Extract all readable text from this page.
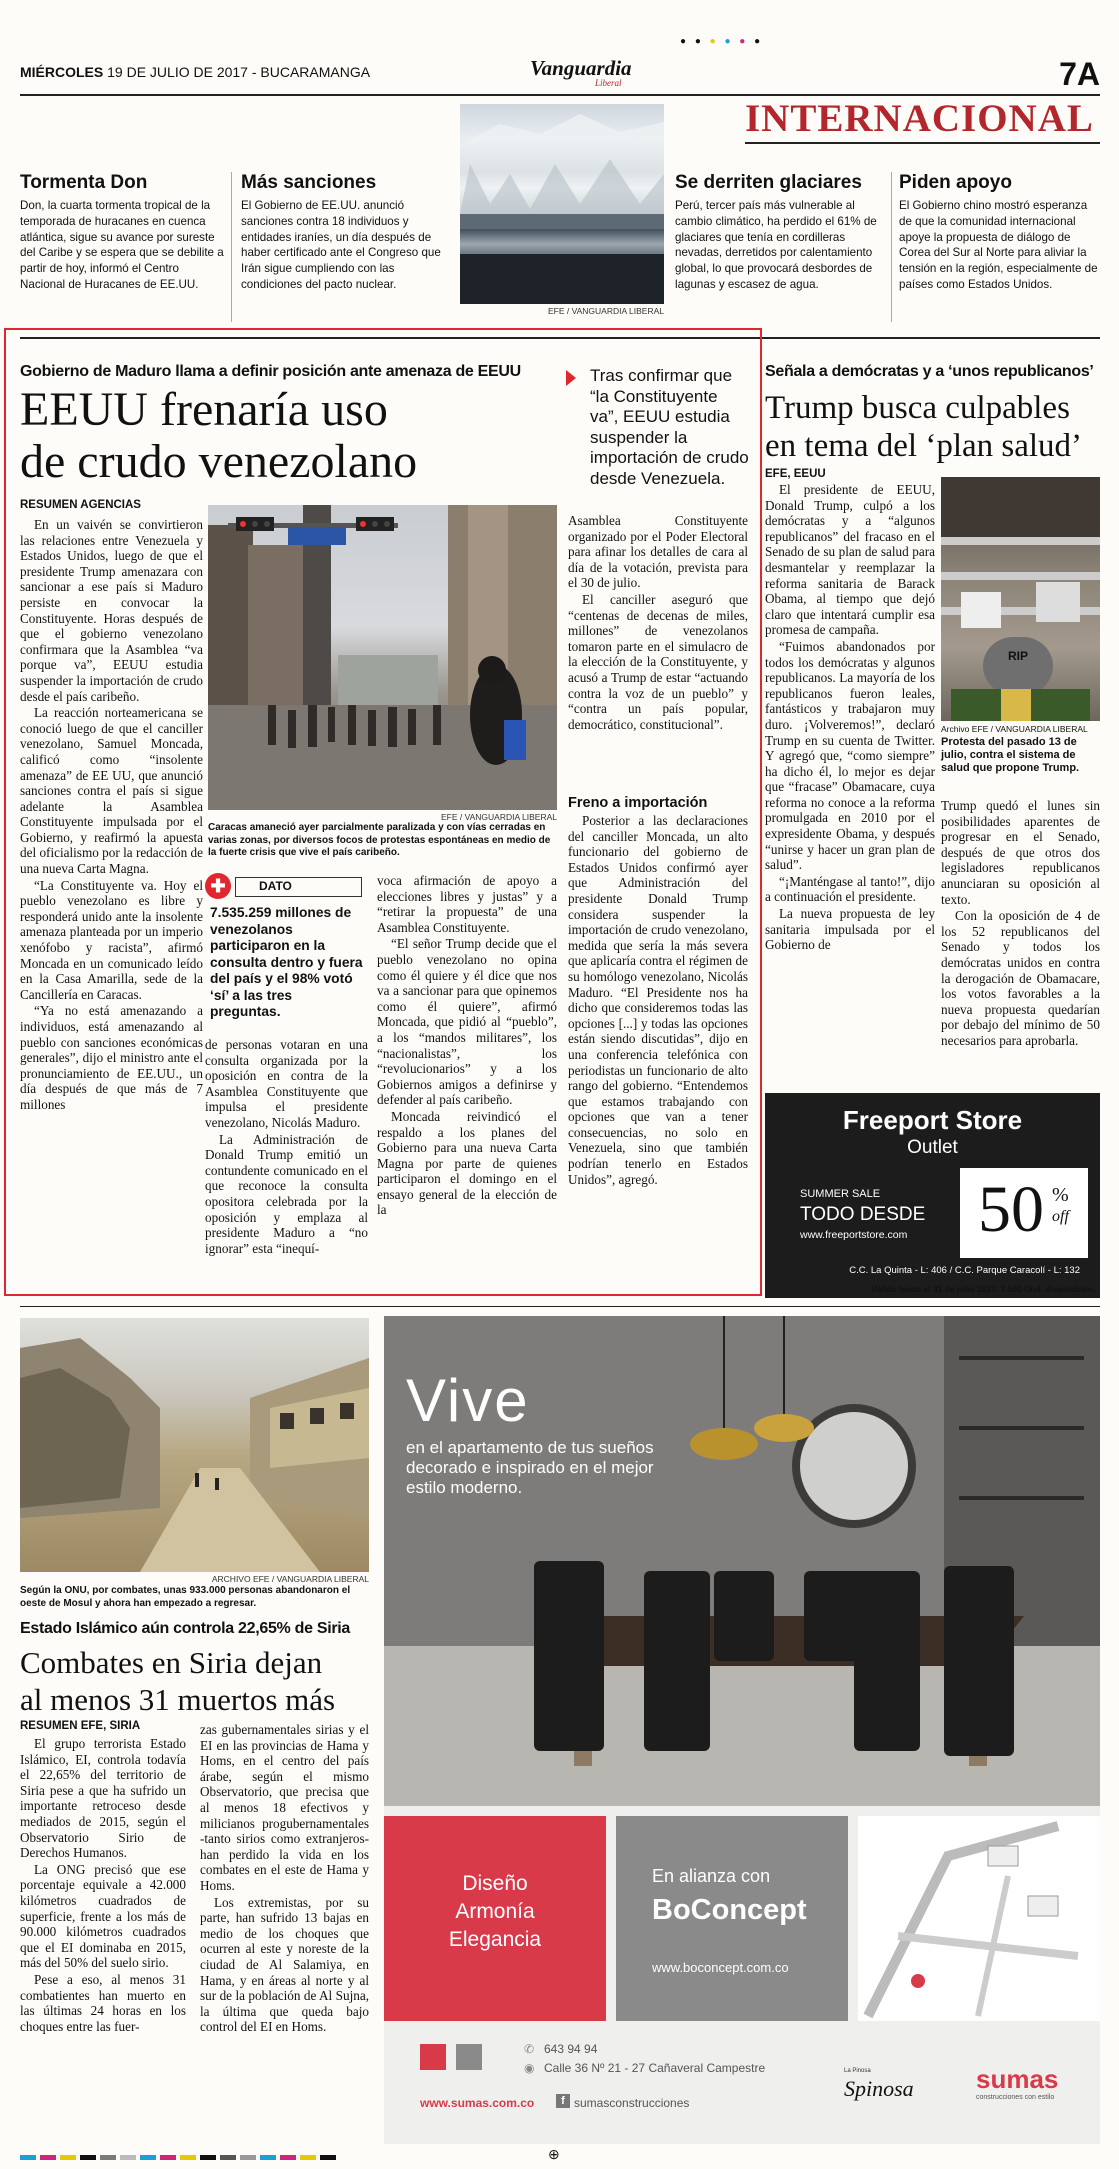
● ● ● ● ● ●
MIÉRCOLES 19 DE JULIO DE 2017 - BUCARAMANGA	Vanguardia
Liberal	7A
INTERNACIONAL
Tormenta Don

Don, la cuarta tormenta tropical de la temporada de huracanes en cuenca atlántica, sigue su avance por sureste del Caribe y se espera que se debilite a partir de hoy, informó el Centro Nacional de Huracanes de EE.UU.

Más sanciones

El Gobierno de EE.UU. anunció sanciones contra 18 individuos y entidades iraníes, un día después de haber certificado ante el Congreso que Irán sigue cumpliendo con las condiciones del pacto nuclear.

EFE / VANGUARDIA LIBERAL
Se derriten glaciares

Perú, tercer país más vulnerable al cambio climático, ha perdido el 61% de glaciares que tenía en cordilleras nevadas, derretidos por calentamiento global, lo que provocará desbordes de lagunas y escasez de agua.

Piden apoyo

El Gobierno chino mostró esperanza de que la comunidad internacional apoye la propuesta de diálogo de Corea del Sur al Norte para aliviar la tensión en la región, especialmente de países como Estados Unidos.

Gobierno de Maduro llama a definir posición ante amenaza de EEUU
EEUU frenaría uso
de crudo venezolano
RESUMEN AGENCIAS
Tras confirmar que “la Constituyente va”, EEUU estudia suspender la importación de crudo desde Venezuela.

En un vaivén se convirtieron las relaciones entre Venezuela y Estados Unidos, luego de que el presidente Trump amenazara con sancionar a ese país si Maduro persiste en convocar la Constituyente. Horas después de que el gobierno venezolano confirmara que la Asamblea “va porque va”, EEUU estudia suspender la importación de crudo desde el país caribeño.

La reacción norteamericana se conoció luego de que el canciller venezolano, Samuel Moncada, calificó como “insolente amenaza” de EE UU, que anunció sanciones contra el país si sigue adelante la Asamblea Constituyente impulsada por el Gobierno, y reafirmó la apuesta del oficialismo por la redacción de una nueva Carta Magna.

“La Constituyente va. Hoy el pueblo venezolano es libre y responderá unido ante la insolente amenaza planteada por un imperio xenófobo y racista”, afirmó Moncada en un comunicado leído en la Casa Amarilla, sede de la Cancillería en Caracas.

“Ya no está amenazando a individuos, está amenazando al pueblo con sanciones económicas generales”, dijo el ministro ante el pronunciamiento de EE.UU., un día después de que más de 7 millones

EFE / VANGUARDIA LIBERAL
Caracas amaneció ayer parcialmente paralizada y con vías cerradas en varias zonas, por diversos focos de protestas espontáneas en medio de la fuerte crisis que vive el país caribeño.
✚	DATO
7.535.259 millones de venezolanos participaron en la consulta dentro y fuera del país y el 98% votó ‘sí’ a las tres preguntas.

de personas votaran en una consulta organizada por la oposición en contra de la Asamblea Constituyente que impulsa el presidente venezolano, Nicolás Maduro.

La Administración de Donald Trump emitió un contundente comunicado en el que reconoce la consulta opositora celebrada por la oposición y emplaza al presidente Maduro a “no ignorar” esta “inequí-

voca afirmación de apoyo a elecciones libres y justas” y a “retirar la propuesta” de una Asamblea Constituyente.

“El señor Trump decide que el pueblo venezolano no opina como él quiere y él dice que nos va a sancionar para que opinemos como él quiere”, afirmó Moncada, que pidió al “pueblo”, a los “mandos militares”, los “nacionalistas”, los “revolucionarios” y a los Gobiernos amigos a definirse y defender al país caribeño.

Moncada reivindicó el respaldo a los planes del Gobierno para una nueva Carta Magna por parte de quienes participaron el domingo en el ensayo general de la elección de la

Asamblea Constituyente organizado por el Poder Electoral para afinar los detalles de cara al día de la votación, prevista para el 30 de julio.

El canciller aseguró que “centenas de decenas de miles, millones” de venezolanos tomaron parte en el simulacro de la elección de la Constituyente, y acusó a Trump de estar “actuando contra la voz de un pueblo” y “contra un país popular, democrático, constitucional”.

Freno a importación

Posterior a las declaraciones del canciller Moncada, un alto funcionario del gobierno de Estados Unidos confirmó ayer que Administración del presidente Donald Trump considera suspender la importación de crudo venezolano, medida que sería la más severa que aplicaría contra el régimen de su homólogo venezolano, Nicolás Maduro. “El Presidente nos ha dicho que consideremos todas las opciones [...] y todas las opciones están siendo discutidas”, dijo en una conferencia telefónica con periodistas un funcionario de alto rango del gobierno. “Entendemos que estamos trabajando con opciones que van a tener consecuencias, no solo en Venezuela, sino que también podrían tenerlo en Estados Unidos”, agregó.

Señala a demócratas y a ‘unos republicanos’
Trump busca culpables
en tema del ‘plan salud’
EFE, EEUU

El presidente de EEUU, Donald Trump, culpó a los demócratas y a “algunos republicanos” del fracaso en el Senado de su plan de salud para desmantelar y reemplazar la reforma sanitaria de Barack Obama, al tiempo que dejó claro que intentará cumplir esa promesa de campaña.

“Fuimos abandonados por todos los demócratas y algunos republicanos. La mayoría de los republicanos fueron leales, fantásticos y trabajaron muy duro. ¡Volveremos!”, declaró Trump en su cuenta de Twitter. Y agregó que, “como siempre” ha dicho él, lo mejor es dejar que “fracase” Obamacare, cuya reforma no conoce a la reforma promulgada en 2010 por el expresidente Obama, y después “unirse y hacer un gran plan de salud”.

“¡Manténgase al tanto!”, dijo a continuación el presidente.

La nueva propuesta de ley sanitaria impulsada por el Gobierno de

RIP
Archivo EFE / VANGUARDIA LIBERAL
Protesta del pasado 13 de julio, contra el sistema de salud que propone Trump.

Trump quedó el lunes sin posibilidades aparentes de progresar en el Senado, después de que otros dos legisladores republicanos anunciaran su oposición al texto.

Con la oposición de 4 de los 52 republicanos del Senado y todos los demócratas unidos en contra la derogación de Obamacare, los votos favorables a la nueva propuesta quedarían por debajo del mínimo de 50 necesarios para aprobarla.

Freeport Store
Outlet
SUMMER SALE
TODO DESDE
www.freeportstore.com 50 %
off
C.C. La Quinta - L: 406 / C.C. Parque Caracolí - L: 132
Válido hasta el 31 de julio 2017. 7.500 Und. disponibles.
ARCHIVO EFE / VANGUARDIA LIBERAL
Según la ONU, por combates, unas 933.000 personas abandonaron el oeste de Mosul y ahora han empezado a regresar.
Estado Islámico aún controla 22,65% de Siria
Combates en Siria dejan
al menos 31 muertos más
RESUMEN EFE, SIRIA

El grupo terrorista Estado Islámico, EI, controla todavía el 22,65% del territorio de Siria pese a que ha sufrido un importante retroceso desde mediados de 2015, según el Observatorio Sirio de Derechos Humanos.

La ONG precisó que ese porcentaje equivale a 42.000 kilómetros cuadrados de superficie, frente a los más de 90.000 kilómetros cuadrados que el EI dominaba en 2015, más del 50% del suelo sirio.

Pese a eso, al menos 31 combatientes han muerto en las últimas 24 horas en los choques entre las fuer-

zas gubernamentales sirias y el EI en las provincias de Hama y Homs, en el centro del país árabe, según el mismo Observatorio, que precisa que al menos 18 efectivos y milicianos progubernamentales -tanto sirios como extranjeros- han perdido la vida en los combates en el este de Hama y Homs.

Los extremistas, por su parte, han sufrido 13 bajas en medio de los choques que ocurren al este y noreste de la ciudad de Al Salamiya, en Hama, y en áreas al norte y al sur de la población de Al Sujna, la última que queda bajo control del EI en Homs.

Vive
en el apartamento de tus sueños
decorado e inspirado en el mejor
estilo moderno.
Diseño
Armonía
Elegancia
En alianza con
BoConcept
www.boconcept.com.co
✆ 643 94 94
◉ Calle 36 Nº 21 - 27 Cañaveral Campestre
www.sumas.com.co	f sumasconstrucciones
La Pinosa
Spinosa sumas
construcciones con estilo
⊕
